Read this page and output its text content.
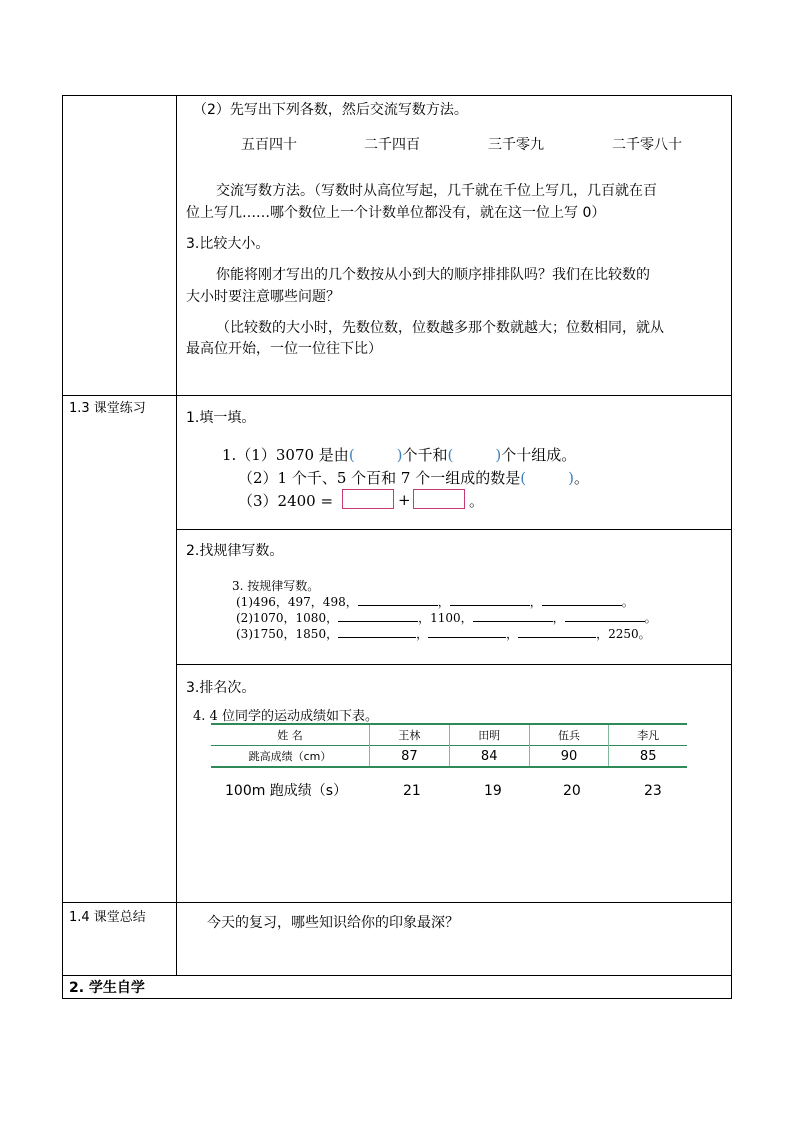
（2）先写出下列各数，然后交流写数方法。
五百四十	二千四百	三千零九	二千零八十
交流写数方法。（写数时从高位写起，几千就在千位上写几，几百就在百
位上写几……哪个数位上一个计数单位都没有，就在这一位上写 0）
3.比较大小。
你能将刚才写出的几个数按从小到大的顺序排排队吗？我们在比较数的
大小时要注意哪些问题？
（比较数的大小时，先数位数，位数越多那个数就越大；位数相同，就从
最高位开始，一位一位往下比）
1.3 课堂练习
1.填一填。
1.（1）3070 是由(	)个千和(	)个十组成。
（2）1 个千、5 个百和 7 个一组成的数是(	)。
（3）2400 =	+	。
2.找规律写数。
3. 按规律写数。
(1)496，497，498，	，	，	。
(2)1070，1080，	，1100，	，	。
(3)1750，1850，	，	，	，2250。
3.排名次。
4. 4 位同学的运动成绩如下表。
姓 名	王林	田明	伍兵	李凡
跳高成绩（cm）	87	84	90	85
100m 跑成绩（s）	21	19	20	23
1.4 课堂总结	今天的复习，哪些知识给你的印象最深？
2. 学生自学
